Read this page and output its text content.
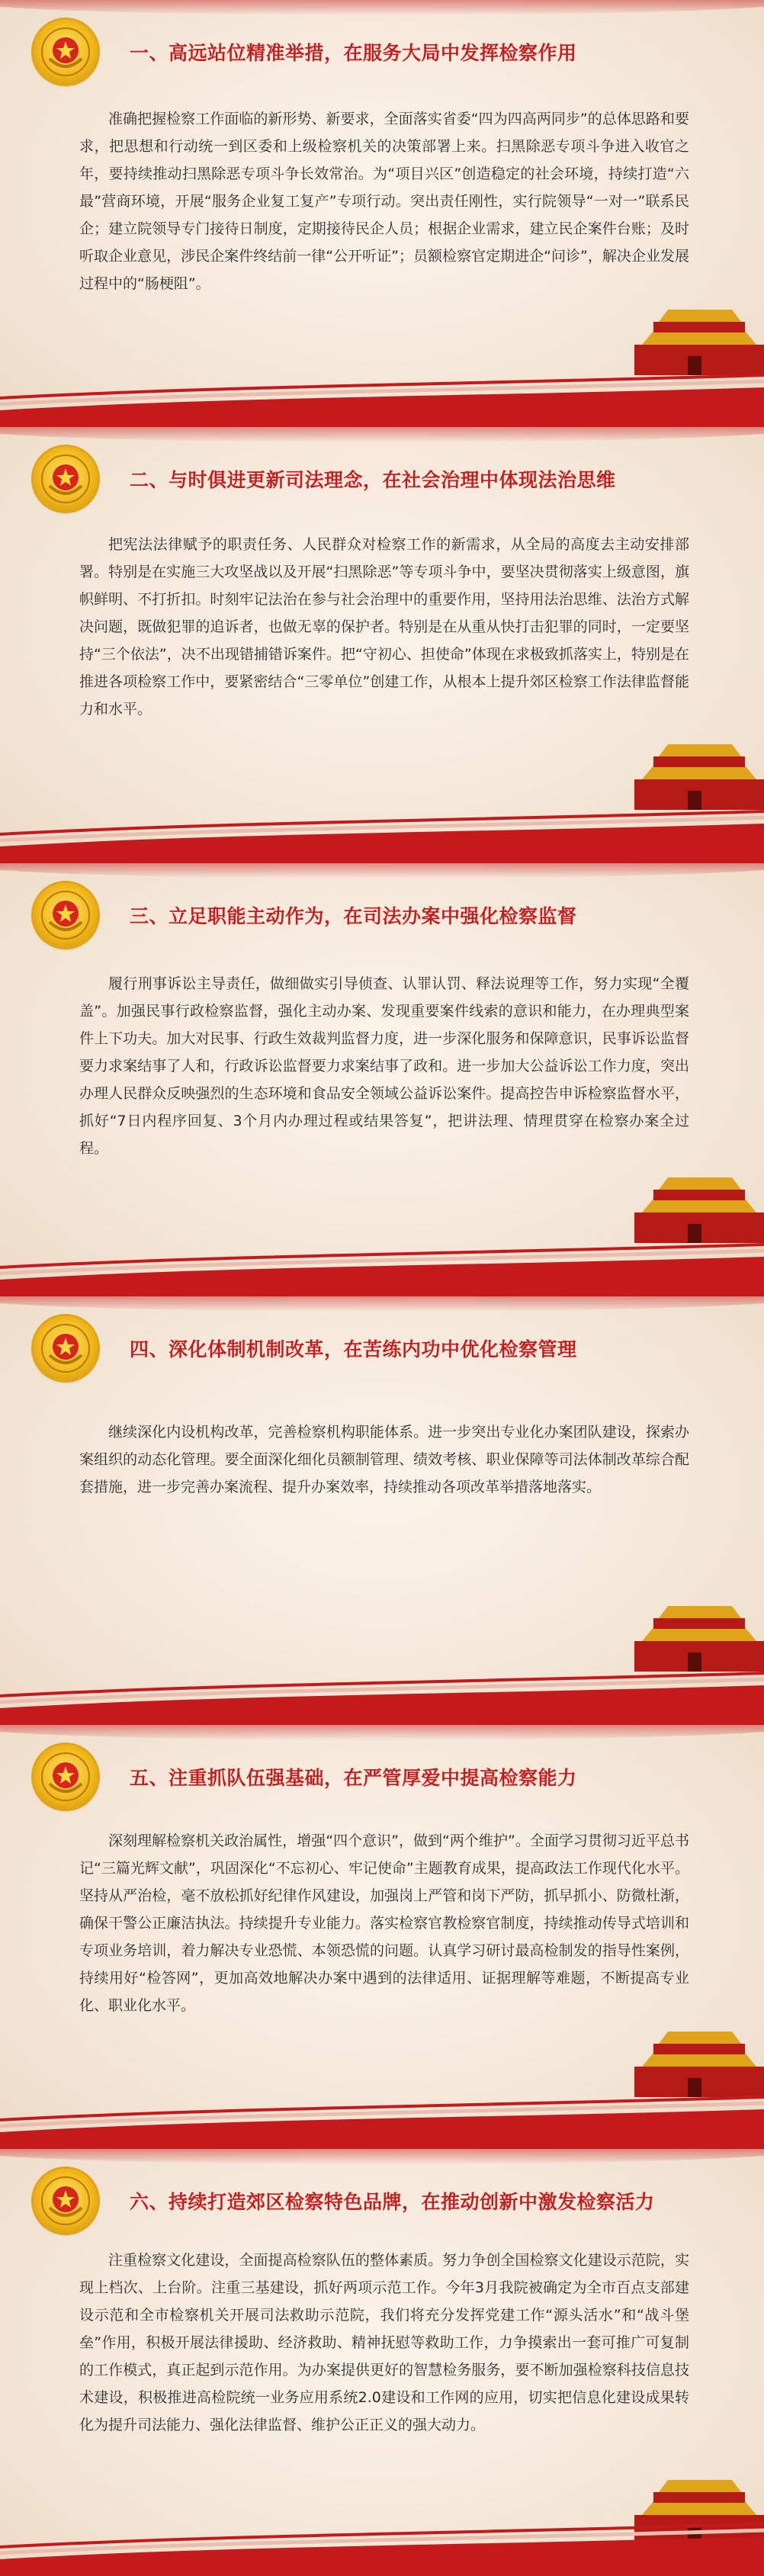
一、高远站位精准举措，在服务大局中发挥检察作用

准确把握检察工作面临的新形势、新要求，全面落实省委“四为四高两同步”的总体思路和要求，把思想和行动统一到区委和上级检察机关的决策部署上来。扫黑除恶专项斗争进入收官之年，要持续推动扫黑除恶专项斗争长效常治。为“项目兴区”创造稳定的社会环境，持续打造“六最”营商环境，开展“服务企业复工复产”专项行动。突出责任刚性，实行院领导“一对一”联系民企；建立院领导专门接待日制度，定期接待民企人员；根据企业需求，建立民企案件台账；及时听取企业意见，涉民企案件终结前一律“公开听证”；员额检察官定期进企“问诊”，解决企业发展过程中的“肠梗阻”。

二、与时俱进更新司法理念，在社会治理中体现法治思维

把宪法法律赋予的职责任务、人民群众对检察工作的新需求，从全局的高度去主动安排部署。特别是在实施三大攻坚战以及开展“扫黑除恶”等专项斗争中，要坚决贯彻落实上级意图，旗帜鲜明、不打折扣。时刻牢记法治在参与社会治理中的重要作用，坚持用法治思维、法治方式解决问题，既做犯罪的追诉者，也做无辜的保护者。特别是在从重从快打击犯罪的同时，一定要坚持“三个依法”，决不出现错捕错诉案件。把“守初心、担使命”体现在求极致抓落实上，特别是在推进各项检察工作中，要紧密结合“三零单位”创建工作，从根本上提升郊区检察工作法律监督能力和水平。

三、立足职能主动作为，在司法办案中强化检察监督

履行刑事诉讼主导责任，做细做实引导侦查、认罪认罚、释法说理等工作，努力实现“全覆盖”。加强民事行政检察监督，强化主动办案、发现重要案件线索的意识和能力，在办理典型案件上下功夫。加大对民事、行政生效裁判监督力度，进一步深化服务和保障意识，民事诉讼监督要力求案结事了人和，行政诉讼监督要力求案结事了政和。进一步加大公益诉讼工作力度，突出办理人民群众反映强烈的生态环境和食品安全领域公益诉讼案件。提高控告申诉检察监督水平，抓好“7日内程序回复、3个月内办理过程或结果答复”，把讲法理、情理贯穿在检察办案全过程。

四、深化体制机制改革，在苦练内功中优化检察管理

继续深化内设机构改革，完善检察机构职能体系。进一步突出专业化办案团队建设，探索办案组织的动态化管理。要全面深化细化员额制管理、绩效考核、职业保障等司法体制改革综合配套措施，进一步完善办案流程、提升办案效率，持续推动各项改革举措落地落实。

五、注重抓队伍强基础，在严管厚爱中提高检察能力

深刻理解检察机关政治属性，增强“四个意识”，做到“两个维护”。全面学习贯彻习近平总书记“三篇光辉文献”，巩固深化“不忘初心、牢记使命”主题教育成果，提高政法工作现代化水平。坚持从严治检，毫不放松抓好纪律作风建设，加强岗上严管和岗下严防，抓早抓小、防微杜渐，确保干警公正廉洁执法。持续提升专业能力。落实检察官教检察官制度，持续推动传导式培训和专项业务培训，着力解决专业恐慌、本领恐慌的问题。认真学习研讨最高检制发的指导性案例，持续用好“检答网”，更加高效地解决办案中遇到的法律适用、证据理解等难题，不断提高专业化、职业化水平。

六、持续打造郊区检察特色品牌，在推动创新中激发检察活力

注重检察文化建设，全面提高检察队伍的整体素质。努力争创全国检察文化建设示范院，实现上档次、上台阶。注重三基建设，抓好两项示范工作。今年3月我院被确定为全市百点支部建设示范和全市检察机关开展司法救助示范院，我们将充分发挥党建工作“源头活水”和“战斗堡垒”作用，积极开展法律援助、经济救助、精神抚慰等救助工作，力争摸索出一套可推广可复制的工作模式，真正起到示范作用。为办案提供更好的智慧检务服务，要不断加强检察科技信息技术建设，积极推进高检院统一业务应用系统2.0建设和工作网的应用，切实把信息化建设成果转化为提升司法能力、强化法律监督、维护公正正义的强大动力。
